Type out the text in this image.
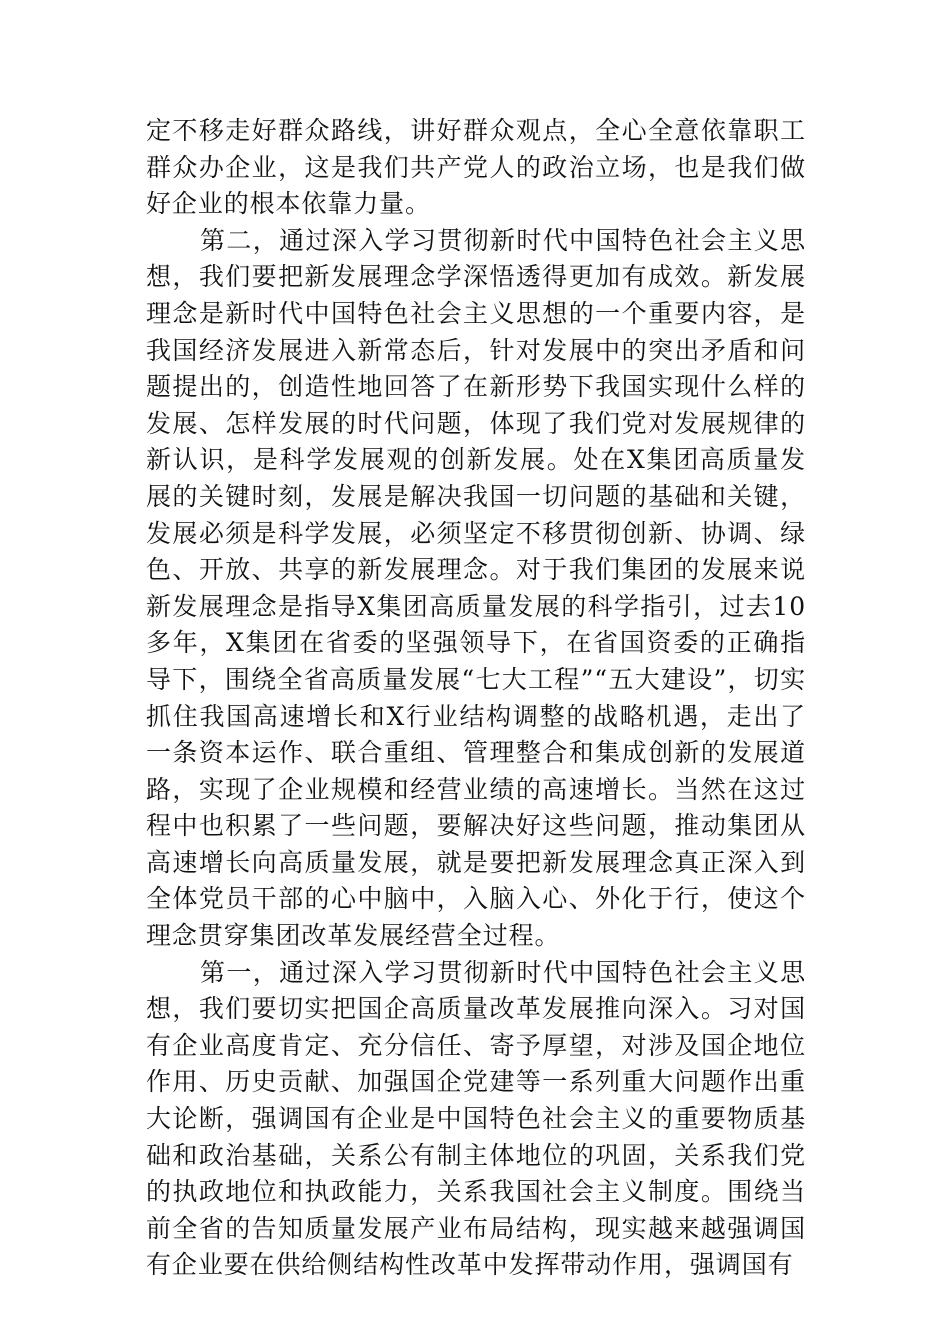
定不移走好群众路线，讲好群众观点，全心全意依靠职工群众办企业，这是我们共产党人的政治立场，也是我们做好企业的根本依靠力量。

第二，通过深入学习贯彻新时代中国特色社会主义思想，我们要把新发展理念学深悟透得更加有成效。新发展理念是新时代中国特色社会主义思想的一个重要内容，是我国经济发展进入新常态后，针对发展中的突出矛盾和问题提出的，创造性地回答了在新形势下我国实现什么样的发展、怎样发展的时代问题，体现了我们党对发展规律的新认识，是科学发展观的创新发展。处在X集团高质量发展的关键时刻，发展是解决我国一切问题的基础和关键，发展必须是科学发展，必须坚定不移贯彻创新、协调、绿色、开放、共享的新发展理念。对于我们集团的发展来说新发展理念是指导X集团高质量发展的科学指引，过去10多年，X集团在省委的坚强领导下，在省国资委的正确指导下，围绕全省高质量发展“七大工程”“五大建设”，切实抓住我国高速增长和X行业结构调整的战略机遇，走出了一条资本运作、联合重组、管理整合和集成创新的发展道路，实现了企业规模和经营业绩的高速增长。当然在这过程中也积累了一些问题，要解决好这些问题，推动集团从高速增长向高质量发展，就是要把新发展理念真正深入到全体党员干部的心中脑中，入脑入心、外化于行，使这个理念贯穿集团改革发展经营全过程。

第一，通过深入学习贯彻新时代中国特色社会主义思想，我们要切实把国企高质量改革发展推向深入。习对国有企业高度肯定、充分信任、寄予厚望，对涉及国企地位作用、历史贡献、加强国企党建等一系列重大问题作出重大论断，强调国有企业是中国特色社会主义的重要物质基础和政治基础，关系公有制主体地位的巩固，关系我们党的执政地位和执政能力，关系我国社会主义制度。围绕当前全省的告知质量发展产业布局结构，现实越来越强调国有企业要在供给侧结构性改革中发挥带动作用，强调国有
